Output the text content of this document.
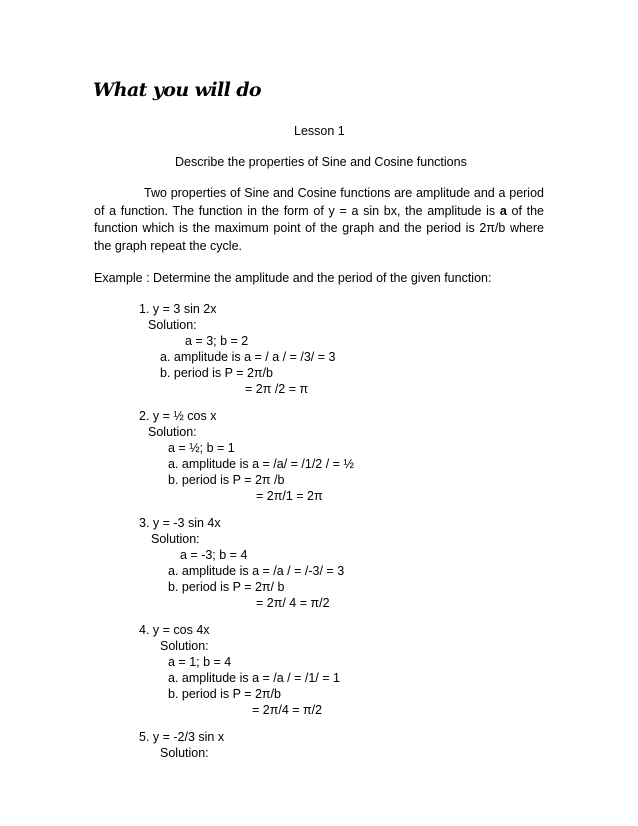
What you will do
Lesson 1
Describe the properties of Sine and Cosine functions
Two properties of Sine and Cosine functions are amplitude and a period of a function. The function in the form of y = a sin bx, the amplitude is a of the function which is the maximum point of the graph and the period is 2π/b where the graph repeat the cycle.
Example : Determine the amplitude and the period of the given function:
1. y = 3 sin 2x
Solution:
a = 3; b = 2
a. amplitude is a = / a / = /3/ = 3
b. period is P = 2π/b
= 2π /2 = π
2. y = ½ cos x
Solution:
a = ½; b = 1
a. amplitude is a = /a/ = /1/2 / = ½
b. period is P = 2π /b
= 2π/1 = 2π
3. y = -3 sin 4x
Solution:
a = -3; b = 4
a. amplitude is a = /a / = /-3/ = 3
b. period is P = 2π/ b
= 2π/ 4 = π/2
4. y = cos 4x
Solution:
a = 1; b = 4
a. amplitude is a = /a / = /1/ = 1
b. period is P = 2π/b
= 2π/4 = π/2
5. y = -2/3 sin x
Solution:
